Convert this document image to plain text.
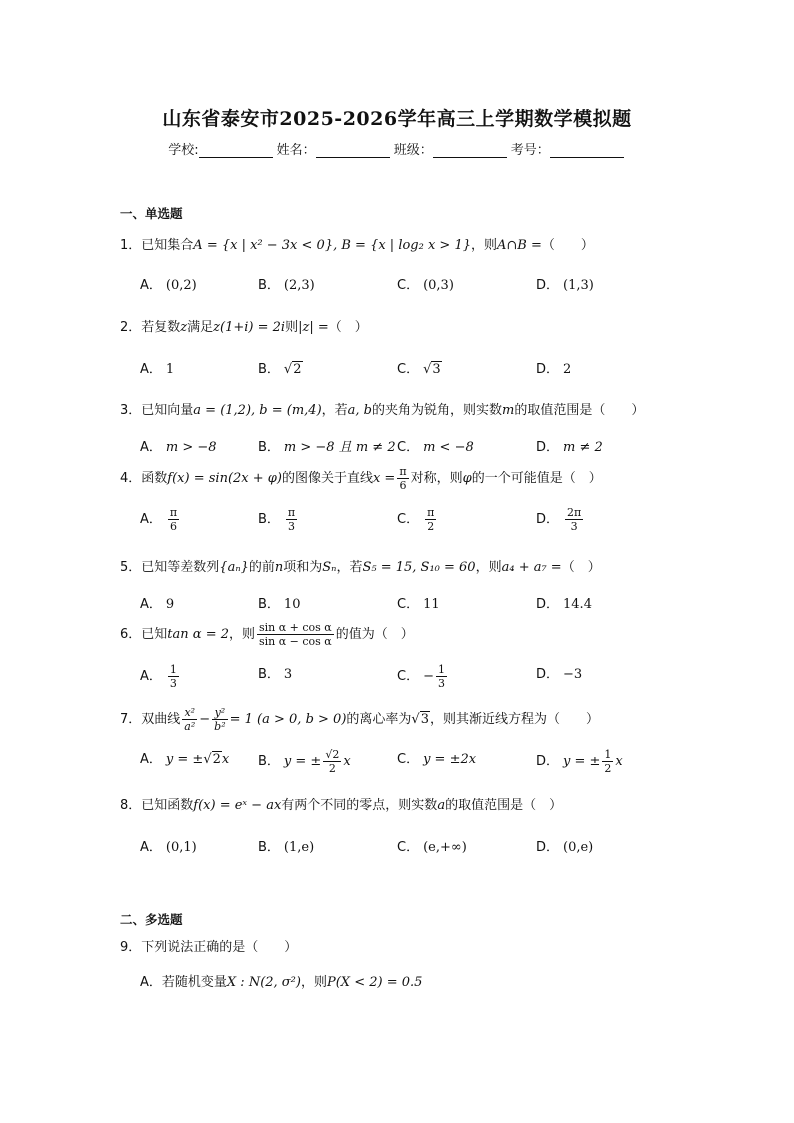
山东省泰安市2025-2026学年高三上学期数学模拟题
学校:	姓名：	班级：	考号：
一、单选题
1．已知集合A = {x | x² − 3x < 0}, B = {x | log₂ x > 1}，则A∩B =（　　）
A． (0,2)	B． (2,3)	C． (0,3)	D． (1,3)
2．若复数z满足z(1+i) = 2i则|z| =（　）
A． 1	B． √2	C． √3	D． 2
3．已知向量a = (1,2), b = (m,4)，若a, b的夹角为锐角，则实数m的取值范围是（　　）
A． m > −8	B． m > −8 且 m ≠ 2 C． m < −8	D． m ≠ 2
4．函数f(x) = sin(2x + φ)的图像关于直线$x = \frac{\pi}{6}$ 对称，则φ的一个可能值是（　）
A． $\frac{\pi}{6}$	B． $\frac{\pi}{3}$	C． $\frac{\pi}{2}$	D． $\frac{2\pi}{3}$
5．已知等差数列{aₙ}的前n项和为Sₙ，若S₅ = 15, S₁₀ = 60，则a₄ + a₇ =（　）
A． 9	B． 10	C． 11	D． 14.4
6．已知tan α = 2，则 $\frac{\text{sin α + cos α}}{\text{sin α − cos α}}$ 的值为（　）
A． $\frac{1}{3}$	B． 3	C． − $\frac{1}{3}$	D． −3
7．双曲线 $\frac{\text{x²}}{\text{a²}} - \frac{\text{y²}}{\text{b²}} = 1$ (a > 0, b > 0)的离心率为√3，则其渐近线方程为（　　）
A． y = ±√2x B． y = ± $\frac{√2}{2}$ x	C． y = ±2x	D． y = ± $\frac{1}{2}$ x
8．已知函数f(x) = eˣ − ax有两个不同的零点，则实数a的取值范围是（　）
A． (0,1)	B． (1,e)	C． (e,+∞)	D． (0,e)
二、多选题
9．下列说法正确的是（　　）
A．若随机变量X : N(2, σ²)，则P(X < 2) = 0.5
